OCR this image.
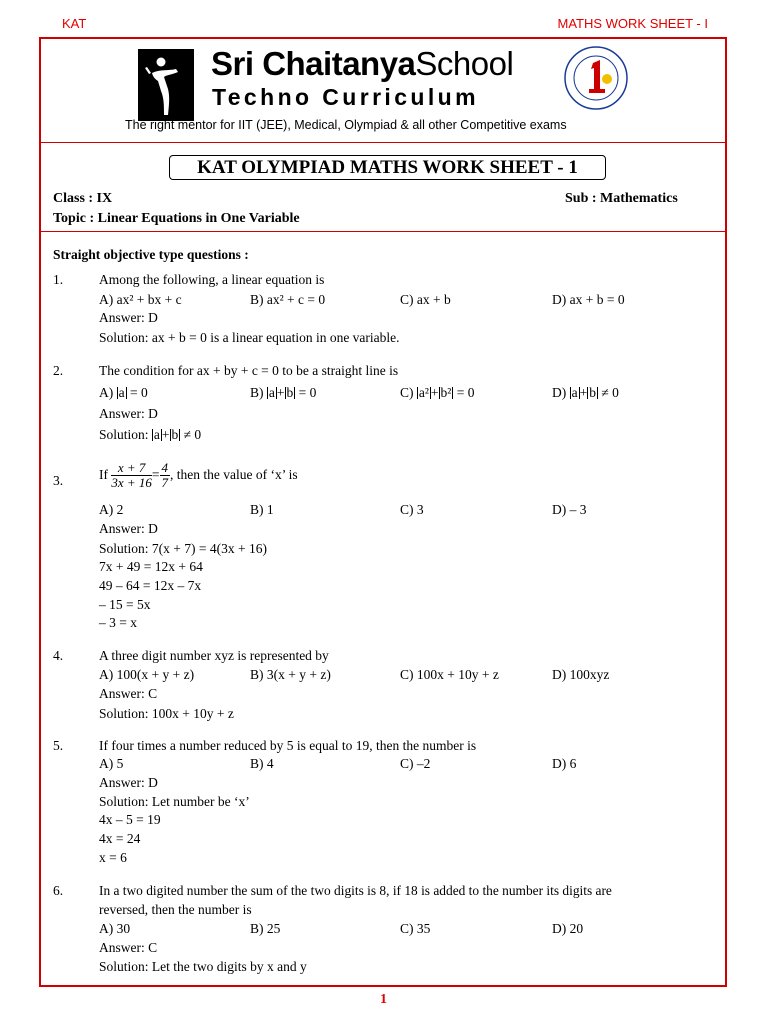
KAT	MATHS WORK SHEET - I
Sri ChaitanyaSchool
Techno Curriculum
The right mentor for IIT (JEE), Medical, Olympiad & all other Competitive exams
KAT OLYMPIAD MATHS WORK SHEET - 1
Class : IX	Sub : Mathematics
Topic : Linear Equations in One Variable
Straight objective type questions :
1.	Among the following, a linear equation is
A) ax² + bx + c	B) ax² + c = 0	C) ax + b	D) ax + b = 0
Answer: D
Solution: ax + b = 0 is a linear equation in one variable.
2.	The condition for ax + by + c = 0 to be a straight line is
A) a = 0	B) a + b = 0	C) a² + b² = 0	D) a + b ≠ 0
Answer: D
Solution: a + b ≠ 0
3.	If $\frac{x + 7}{3x + 16} = \frac{4}{7}$ , then the value of ‘x’ is
A) 2	B) 1	C) 3	D) – 3
Answer: D
Solution: 7(x + 7) = 4(3x + 16)
7x + 49 = 12x + 64
49 – 64 = 12x – 7x
– 15 = 5x
– 3 = x
4.	A three digit number xyz is represented by
A) 100(x + y + z)	B) 3(x + y + z)	C) 100x + 10y + z	D) 100xyz
Answer: C
Solution: 100x + 10y + z
5.	If four times a number reduced by 5 is equal to 19, then the number is
A) 5	B) 4	C) –2	D) 6
Answer: D
Solution: Let number be ‘x’
4x – 5 = 19
4x = 24
x = 6
6.	In a two digited number the sum of the two digits is 8, if 18 is added to the number its digits are
reversed, then the number is
A) 30	B) 25	C) 35	D) 20
Answer: C
Solution: Let the two digits by x and y
1
